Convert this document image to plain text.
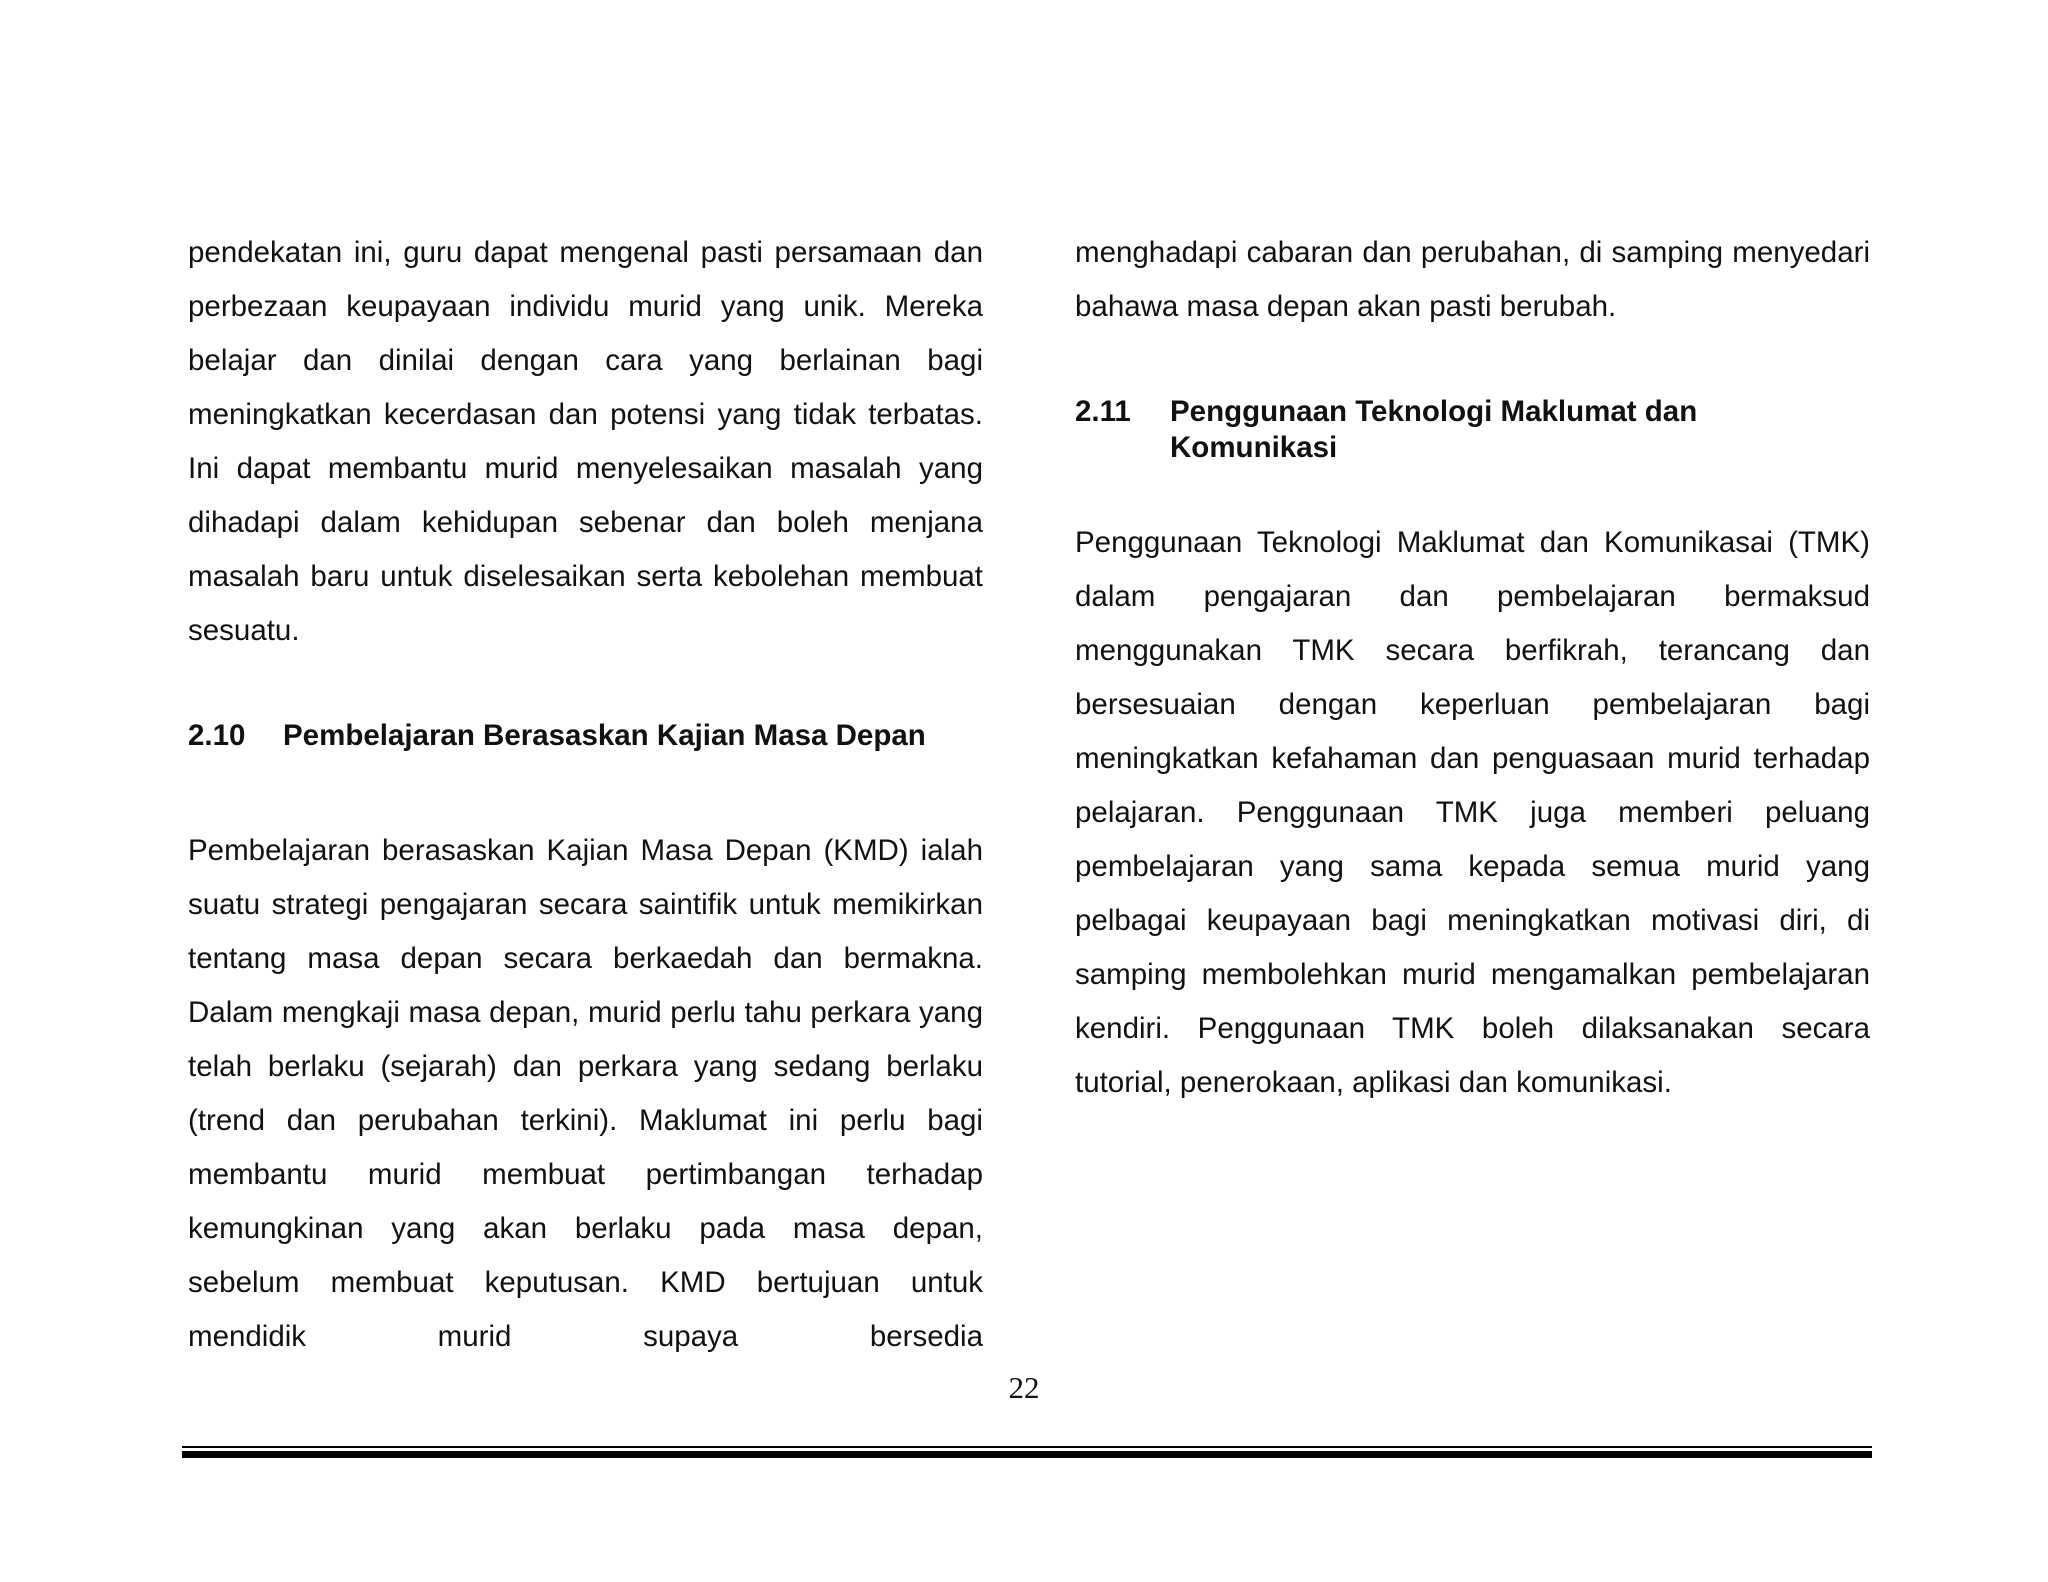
pendekatan ini, guru dapat mengenal pasti persamaan dan perbezaan keupayaan individu murid yang unik. Mereka belajar dan dinilai dengan cara yang berlainan bagi meningkatkan kecerdasan dan potensi yang tidak terbatas. Ini dapat membantu murid menyelesaikan masalah yang dihadapi dalam kehidupan sebenar dan boleh menjana masalah baru untuk diselesaikan serta kebolehan membuat sesuatu.

2.10	Pembelajaran Berasaskan Kajian Masa Depan

Pembelajaran berasaskan Kajian Masa Depan (KMD) ialah suatu strategi pengajaran secara saintifik untuk memikirkan tentang masa depan secara berkaedah dan bermakna. Dalam mengkaji masa depan, murid perlu tahu perkara yang telah berlaku (sejarah) dan perkara yang sedang berlaku (trend dan perubahan terkini). Maklumat ini perlu bagi membantu murid membuat pertimbangan terhadap kemungkinan yang akan berlaku pada masa depan, sebelum membuat keputusan. KMD bertujuan untuk mendidik murid supaya bersedia

menghadapi cabaran dan perubahan, di samping menyedari bahawa masa depan akan pasti berubah.

2.11	Penggunaan Teknologi Maklumat dan Komunikasi

Penggunaan Teknologi Maklumat dan Komunikasai (TMK) dalam pengajaran dan pembelajaran bermaksud menggunakan TMK secara berfikrah, terancang dan bersesuaian dengan keperluan pembelajaran bagi meningkatkan kefahaman dan penguasaan murid terhadap pelajaran. Penggunaan TMK juga memberi peluang pembelajaran yang sama kepada semua murid yang pelbagai keupayaan bagi meningkatkan motivasi diri, di samping membolehkan murid mengamalkan pembelajaran kendiri. Penggunaan TMK boleh dilaksanakan secara tutorial, penerokaan, aplikasi dan komunikasi.

22
